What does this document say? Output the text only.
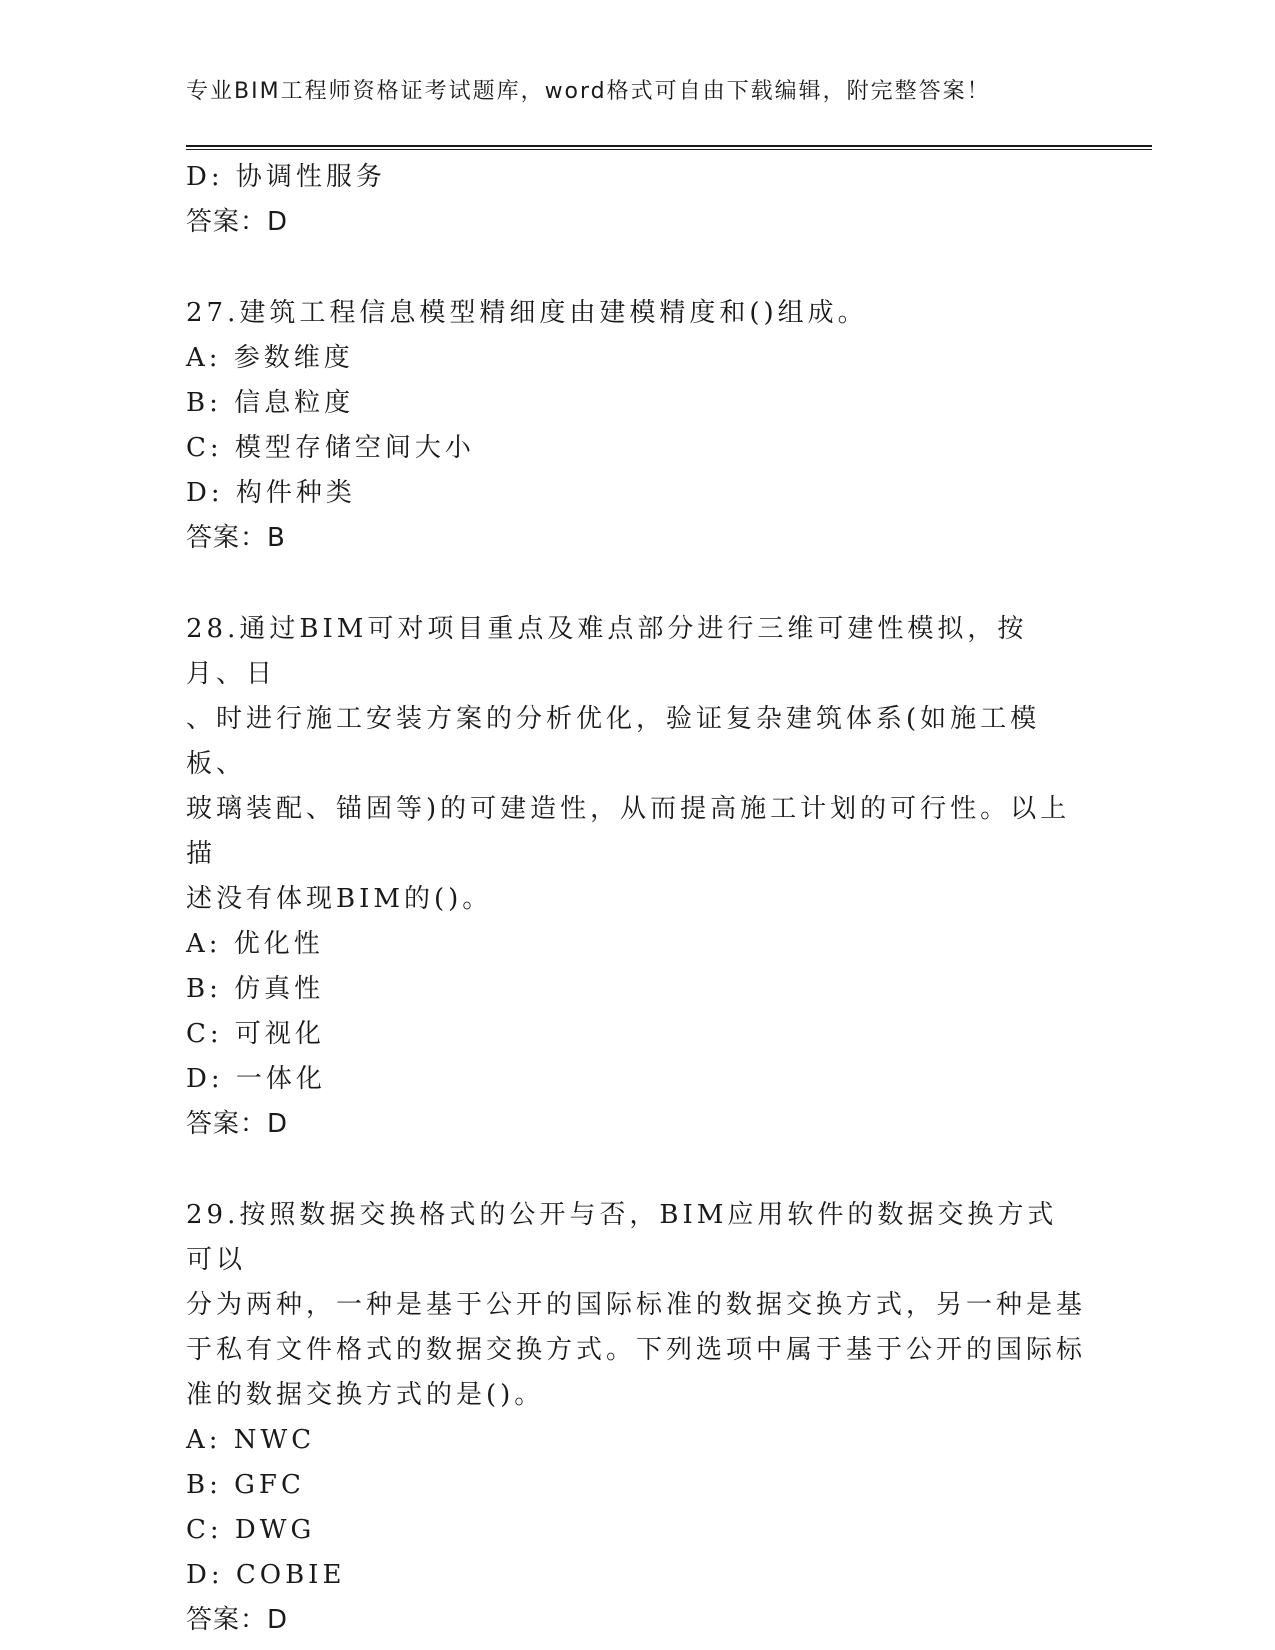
专业BIM工程师资格证考试题库，word格式可自由下载编辑，附完整答案！
D: 协调性服务
答案：D
27.建筑工程信息模型精细度由建模精度和()组成。
A: 参数维度
B: 信息粒度
C: 模型存储空间大小
D: 构件种类
答案：B
28.通过BIM可对项目重点及难点部分进行三维可建性模拟，按月、日
、时进行施工安装方案的分析优化，验证复杂建筑体系(如施工模板、
玻璃装配、锚固等)的可建造性，从而提高施工计划的可行性。以上描
述没有体现BIM的()。
A: 优化性
B: 仿真性
C: 可视化
D: 一体化
答案：D
29.按照数据交换格式的公开与否，BIM应用软件的数据交换方式可以
分为两种，一种是基于公开的国际标准的数据交换方式，另一种是基
于私有文件格式的数据交换方式。下列选项中属于基于公开的国际标
准的数据交换方式的是()。
A: NWC
B: GFC
C: DWG
D: COBIE
答案：D
